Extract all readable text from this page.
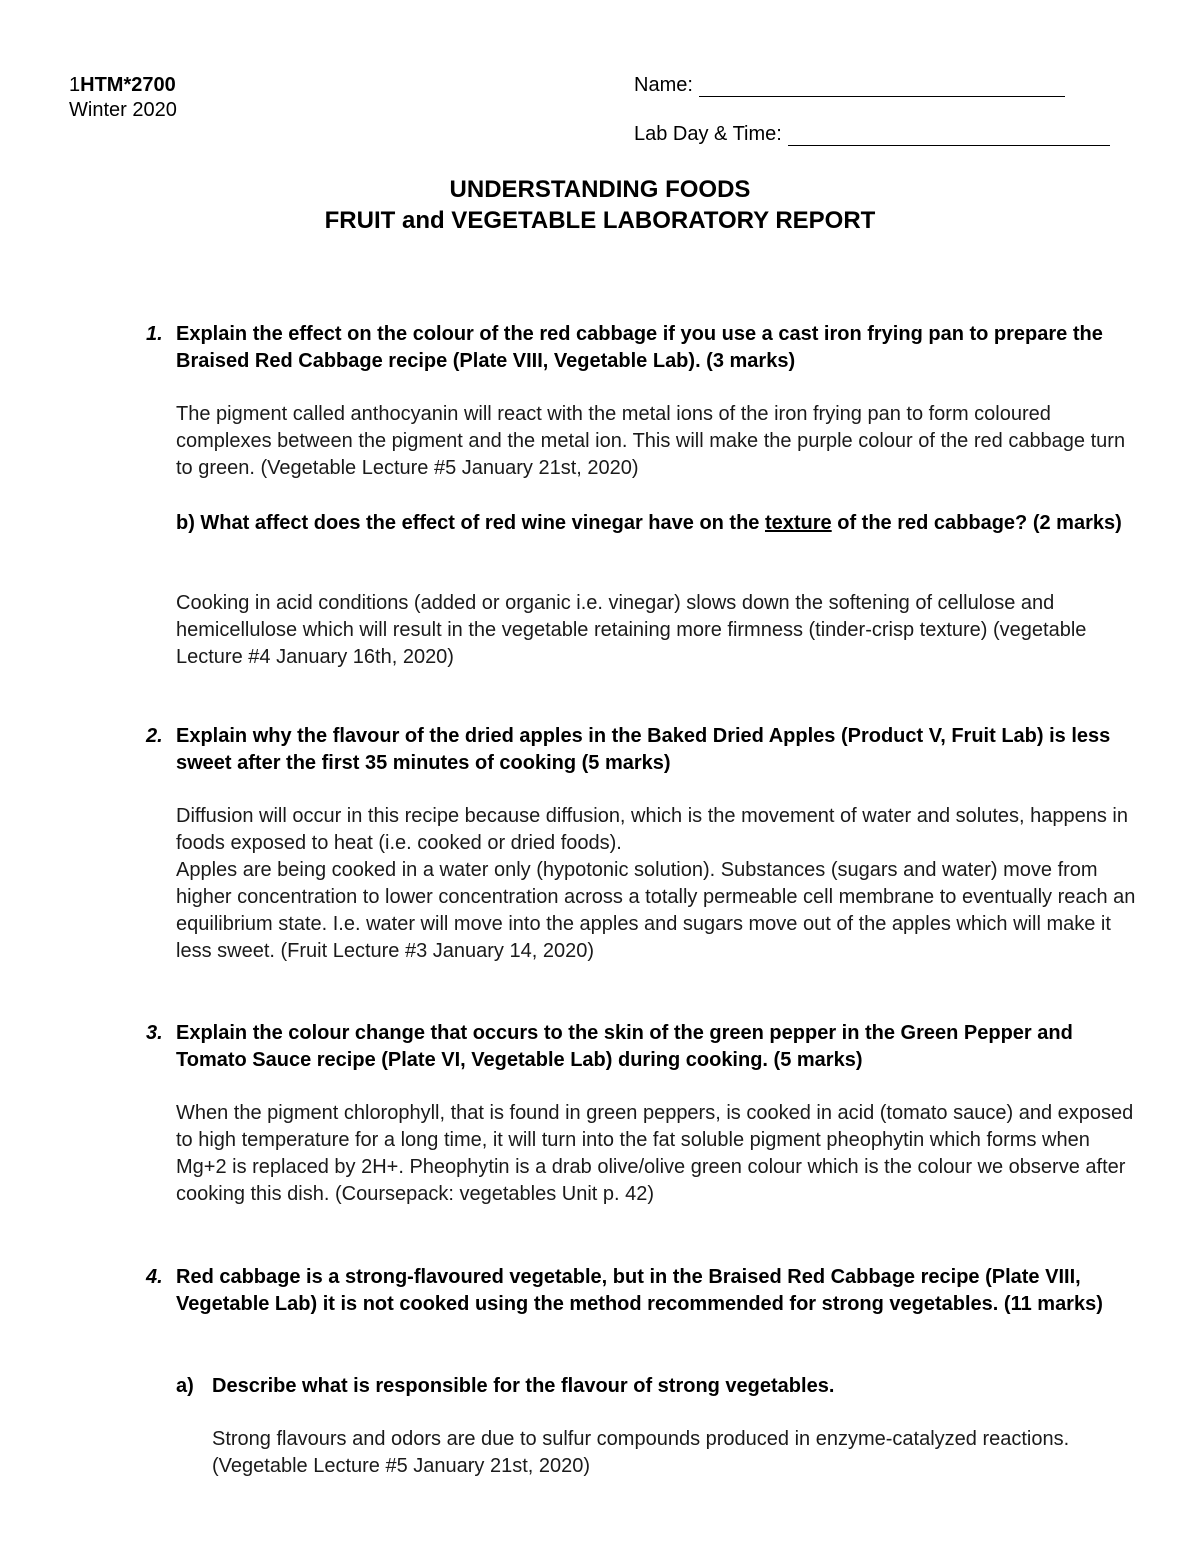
1HTM*2700
Winter 2020
Name:
Lab Day & Time:
UNDERSTANDING FOODS
FRUIT and VEGETABLE LABORATORY REPORT
1. Explain the effect on the colour of the red cabbage if you use a cast iron frying pan to prepare the Braised Red Cabbage recipe (Plate VIII, Vegetable Lab). (3 marks)
The pigment called anthocyanin will react with the metal ions of the iron frying pan to form coloured complexes between the pigment and the metal ion. This will make the purple colour of the red cabbage turn to green. (Vegetable Lecture #5 January 21st, 2020)
b) What affect does the effect of red wine vinegar have on the texture of the red cabbage? (2 marks)
Cooking in acid conditions (added or organic i.e. vinegar) slows down the softening of cellulose and hemicellulose which will result in the vegetable retaining more firmness (tinder-crisp texture) (vegetable Lecture #4 January 16th, 2020)
2. Explain why the flavour of the dried apples in the Baked Dried Apples (Product V, Fruit Lab) is less sweet after the first 35 minutes of cooking (5 marks)

Diffusion will occur in this recipe because diffusion, which is the movement of water and solutes, happens in foods exposed to heat (i.e. cooked or dried foods).

Apples are being cooked in a water only (hypotonic solution). Substances (sugars and water) move from higher concentration to lower concentration across a totally permeable cell membrane to eventually reach an equilibrium state. I.e. water will move into the apples and sugars move out of the apples which will make it less sweet. (Fruit Lecture #3 January 14, 2020)

3. Explain the colour change that occurs to the skin of the green pepper in the Green Pepper and Tomato Sauce recipe (Plate VI, Vegetable Lab) during cooking. (5 marks)
When the pigment chlorophyll, that is found in green peppers, is cooked in acid (tomato sauce) and exposed to high temperature for a long time, it will turn into the fat soluble pigment pheophytin which forms when Mg+2 is replaced by 2H+. Pheophytin is a drab olive/olive green colour which is the colour we observe after cooking this dish. (Coursepack: vegetables Unit p. 42)
4. Red cabbage is a strong-flavoured vegetable, but in the Braised Red Cabbage recipe (Plate VIII, Vegetable Lab) it is not cooked using the method recommended for strong vegetables. (11 marks)
a) Describe what is responsible for the flavour of strong vegetables.
Strong flavours and odors are due to sulfur compounds produced in enzyme-catalyzed reactions. (Vegetable Lecture #5 January 21st, 2020)
